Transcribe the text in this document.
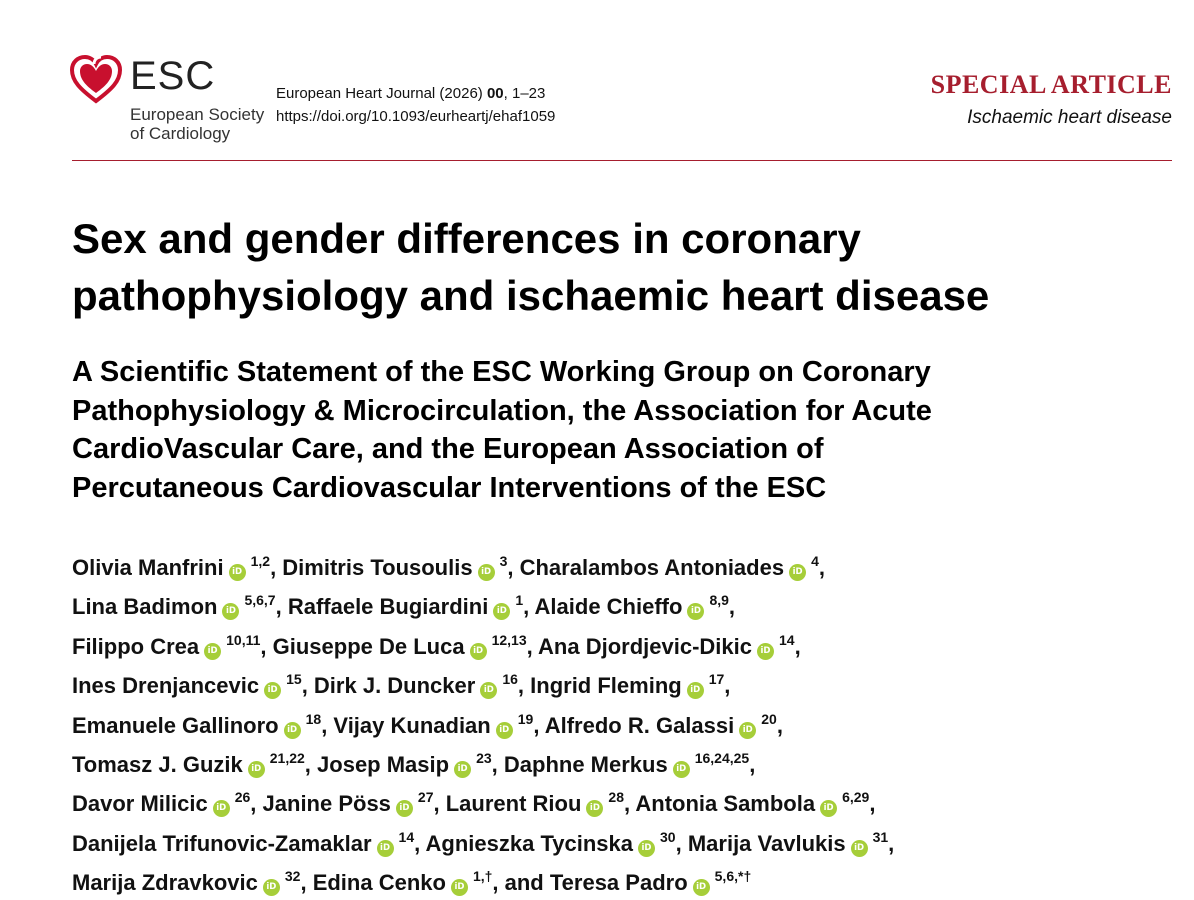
ESC
European Society
of Cardiology
European Heart Journal (2026) 00, 1–23
https://doi.org/10.1093/eurheartj/ehaf1059
SPECIAL ARTICLE
Ischaemic heart disease
Sex and gender differences in coronary
pathophysiology and ischaemic heart disease
A Scientific Statement of the ESC Working Group on Coronary
Pathophysiology & Microcirculation, the Association for Acute
CardioVascular Care, and the European Association of
Percutaneous Cardiovascular Interventions of the ESC
Olivia Manfrini iD$^{1,2}$, Dimitris Tousoulis iD$^3$, Charalambos Antoniades iD$^4$,
Lina Badimon iD$^{5,6,7}$, Raffaele Bugiardini iD$^1$, Alaide Chieffo iD$^{8,9}$,
Filippo Crea iD$^{10,11}$, Giuseppe De Luca iD$^{12,13}$, Ana Djordjevic-Dikic iD$^{14}$,
Ines Drenjancevic iD$^{15}$, Dirk J. Duncker iD$^{16}$, Ingrid Fleming iD$^{17}$,
Emanuele Gallinoro iD$^{18}$, Vijay Kunadian iD$^{19}$, Alfredo R. Galassi iD$^{20}$,
Tomasz J. Guzik iD$^{21,22}$, Josep Masip iD$^{23}$, Daphne Merkus iD$^{16,24,25}$,
Davor Milicic iD$^{26}$, Janine Pöss iD$^{27}$, Laurent Riou iD$^{28}$, Antonia Sambola iD$^{6,29}$,
Danijela Trifunovic-Zamaklar iD$^{14}$, Agnieszka Tycinska iD$^{30}$, Marija Vavlukis iD$^{31}$,
Marija Zdravkovic iD$^{32}$, Edina Cenko iD$^{1,\dagger}$, and Teresa Padro iD$^{5,6,*\dagger}$
